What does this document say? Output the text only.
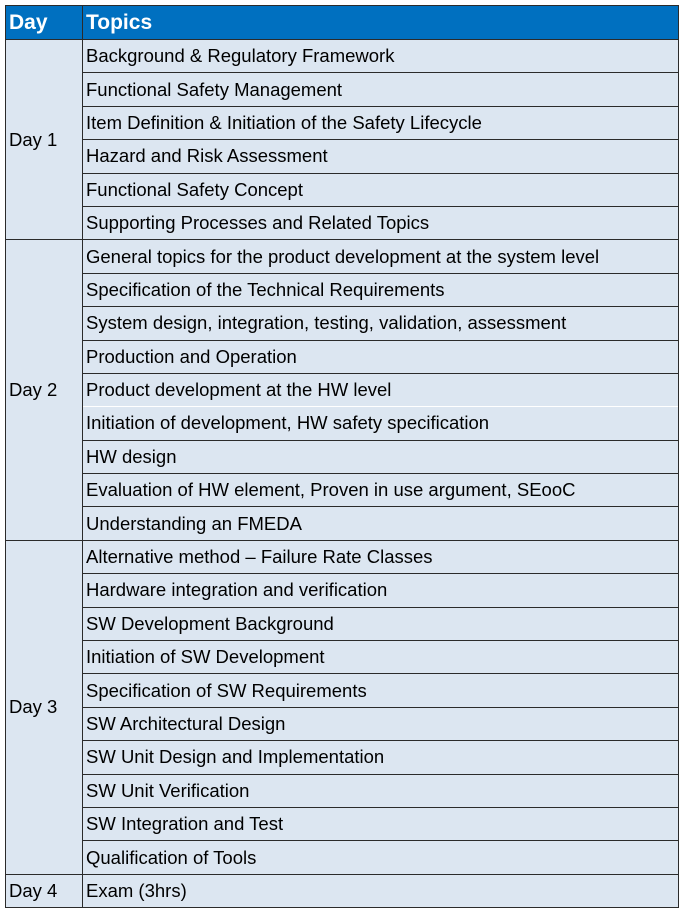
Day	Topics
Day 1	Background & Regulatory Framework
	Functional Safety Management
	Item Definition & Initiation of the Safety Lifecycle
	Hazard and Risk Assessment
	Functional Safety Concept
	Supporting Processes and Related Topics
Day 2	General topics for the product development at the system level
	Specification of the Technical Requirements
	System design, integration, testing, validation, assessment
	Production and Operation
	Product development at the HW level
	Initiation of development, HW safety specification
	HW design
	Evaluation of HW element, Proven in use argument, SEooC
	Understanding an FMEDA
Day 3	Alternative method – Failure Rate Classes
	Hardware integration and verification
	SW Development Background
	Initiation of SW Development
	Specification of SW Requirements
	SW Architectural Design
	SW Unit Design and Implementation
	SW Unit Verification
	SW Integration and Test
	Qualification of Tools
Day 4	Exam (3hrs)
